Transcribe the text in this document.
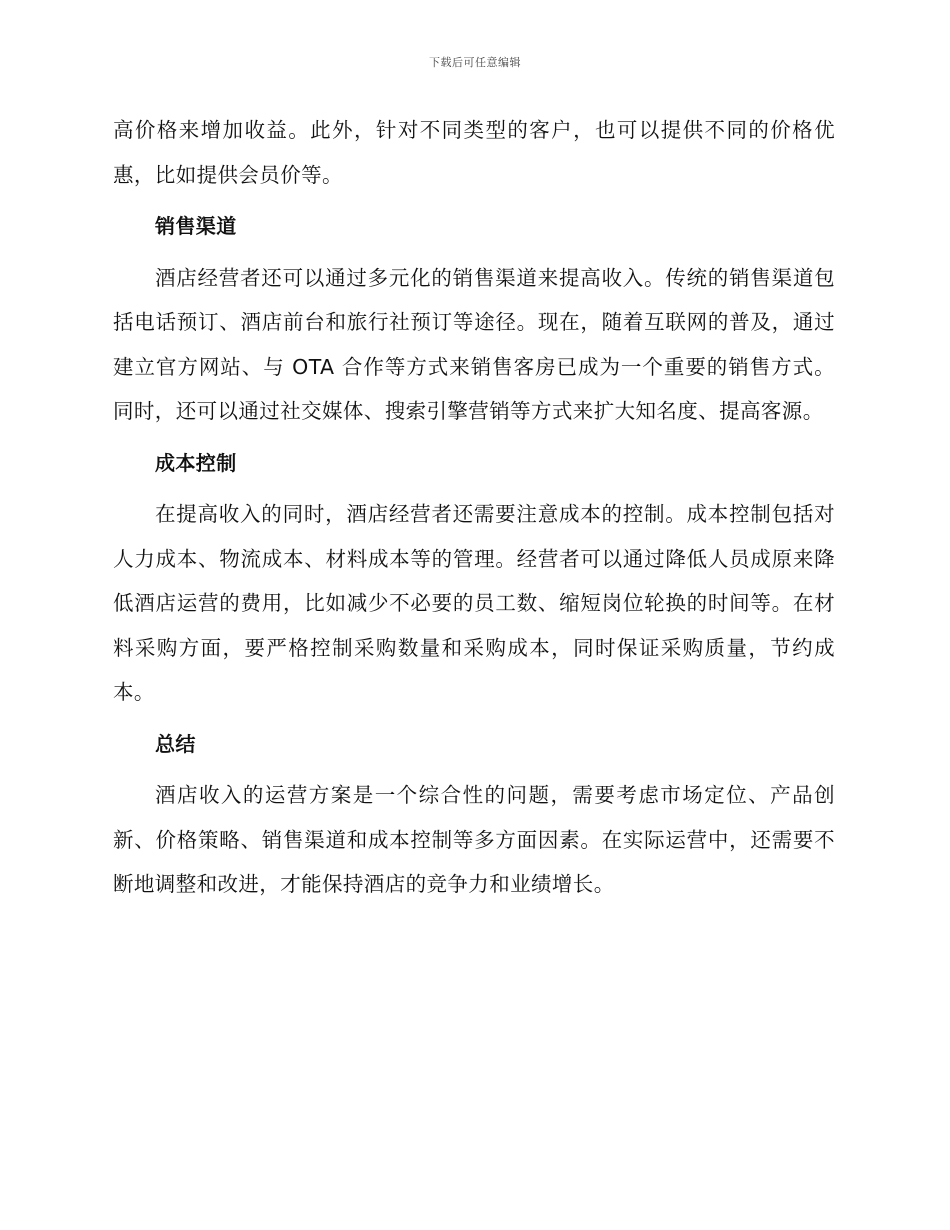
下载后可任意编辑

高价格来增加收益。此外，针对不同类型的客户，也可以提供不同的价格优惠，比如提供会员价等。

销售渠道

酒店经营者还可以通过多元化的销售渠道来提高收入。传统的销售渠道包括电话预订、酒店前台和旅行社预订等途径。现在，随着互联网的普及，通过建立官方网站、与 OTA 合作等方式来销售客房已成为一个重要的销售方式。同时，还可以通过社交媒体、搜索引擎营销等方式来扩大知名度、提高客源。

成本控制

在提高收入的同时，酒店经营者还需要注意成本的控制。成本控制包括对人力成本、物流成本、材料成本等的管理。经营者可以通过降低人员成原来降低酒店运营的费用，比如减少不必要的员工数、缩短岗位轮换的时间等。在材料采购方面，要严格控制采购数量和采购成本，同时保证采购质量，节约成本。

总结

酒店收入的运营方案是一个综合性的问题，需要考虑市场定位、产品创新、价格策略、销售渠道和成本控制等多方面因素。在实际运营中，还需要不断地调整和改进，才能保持酒店的竞争力和业绩增长。
